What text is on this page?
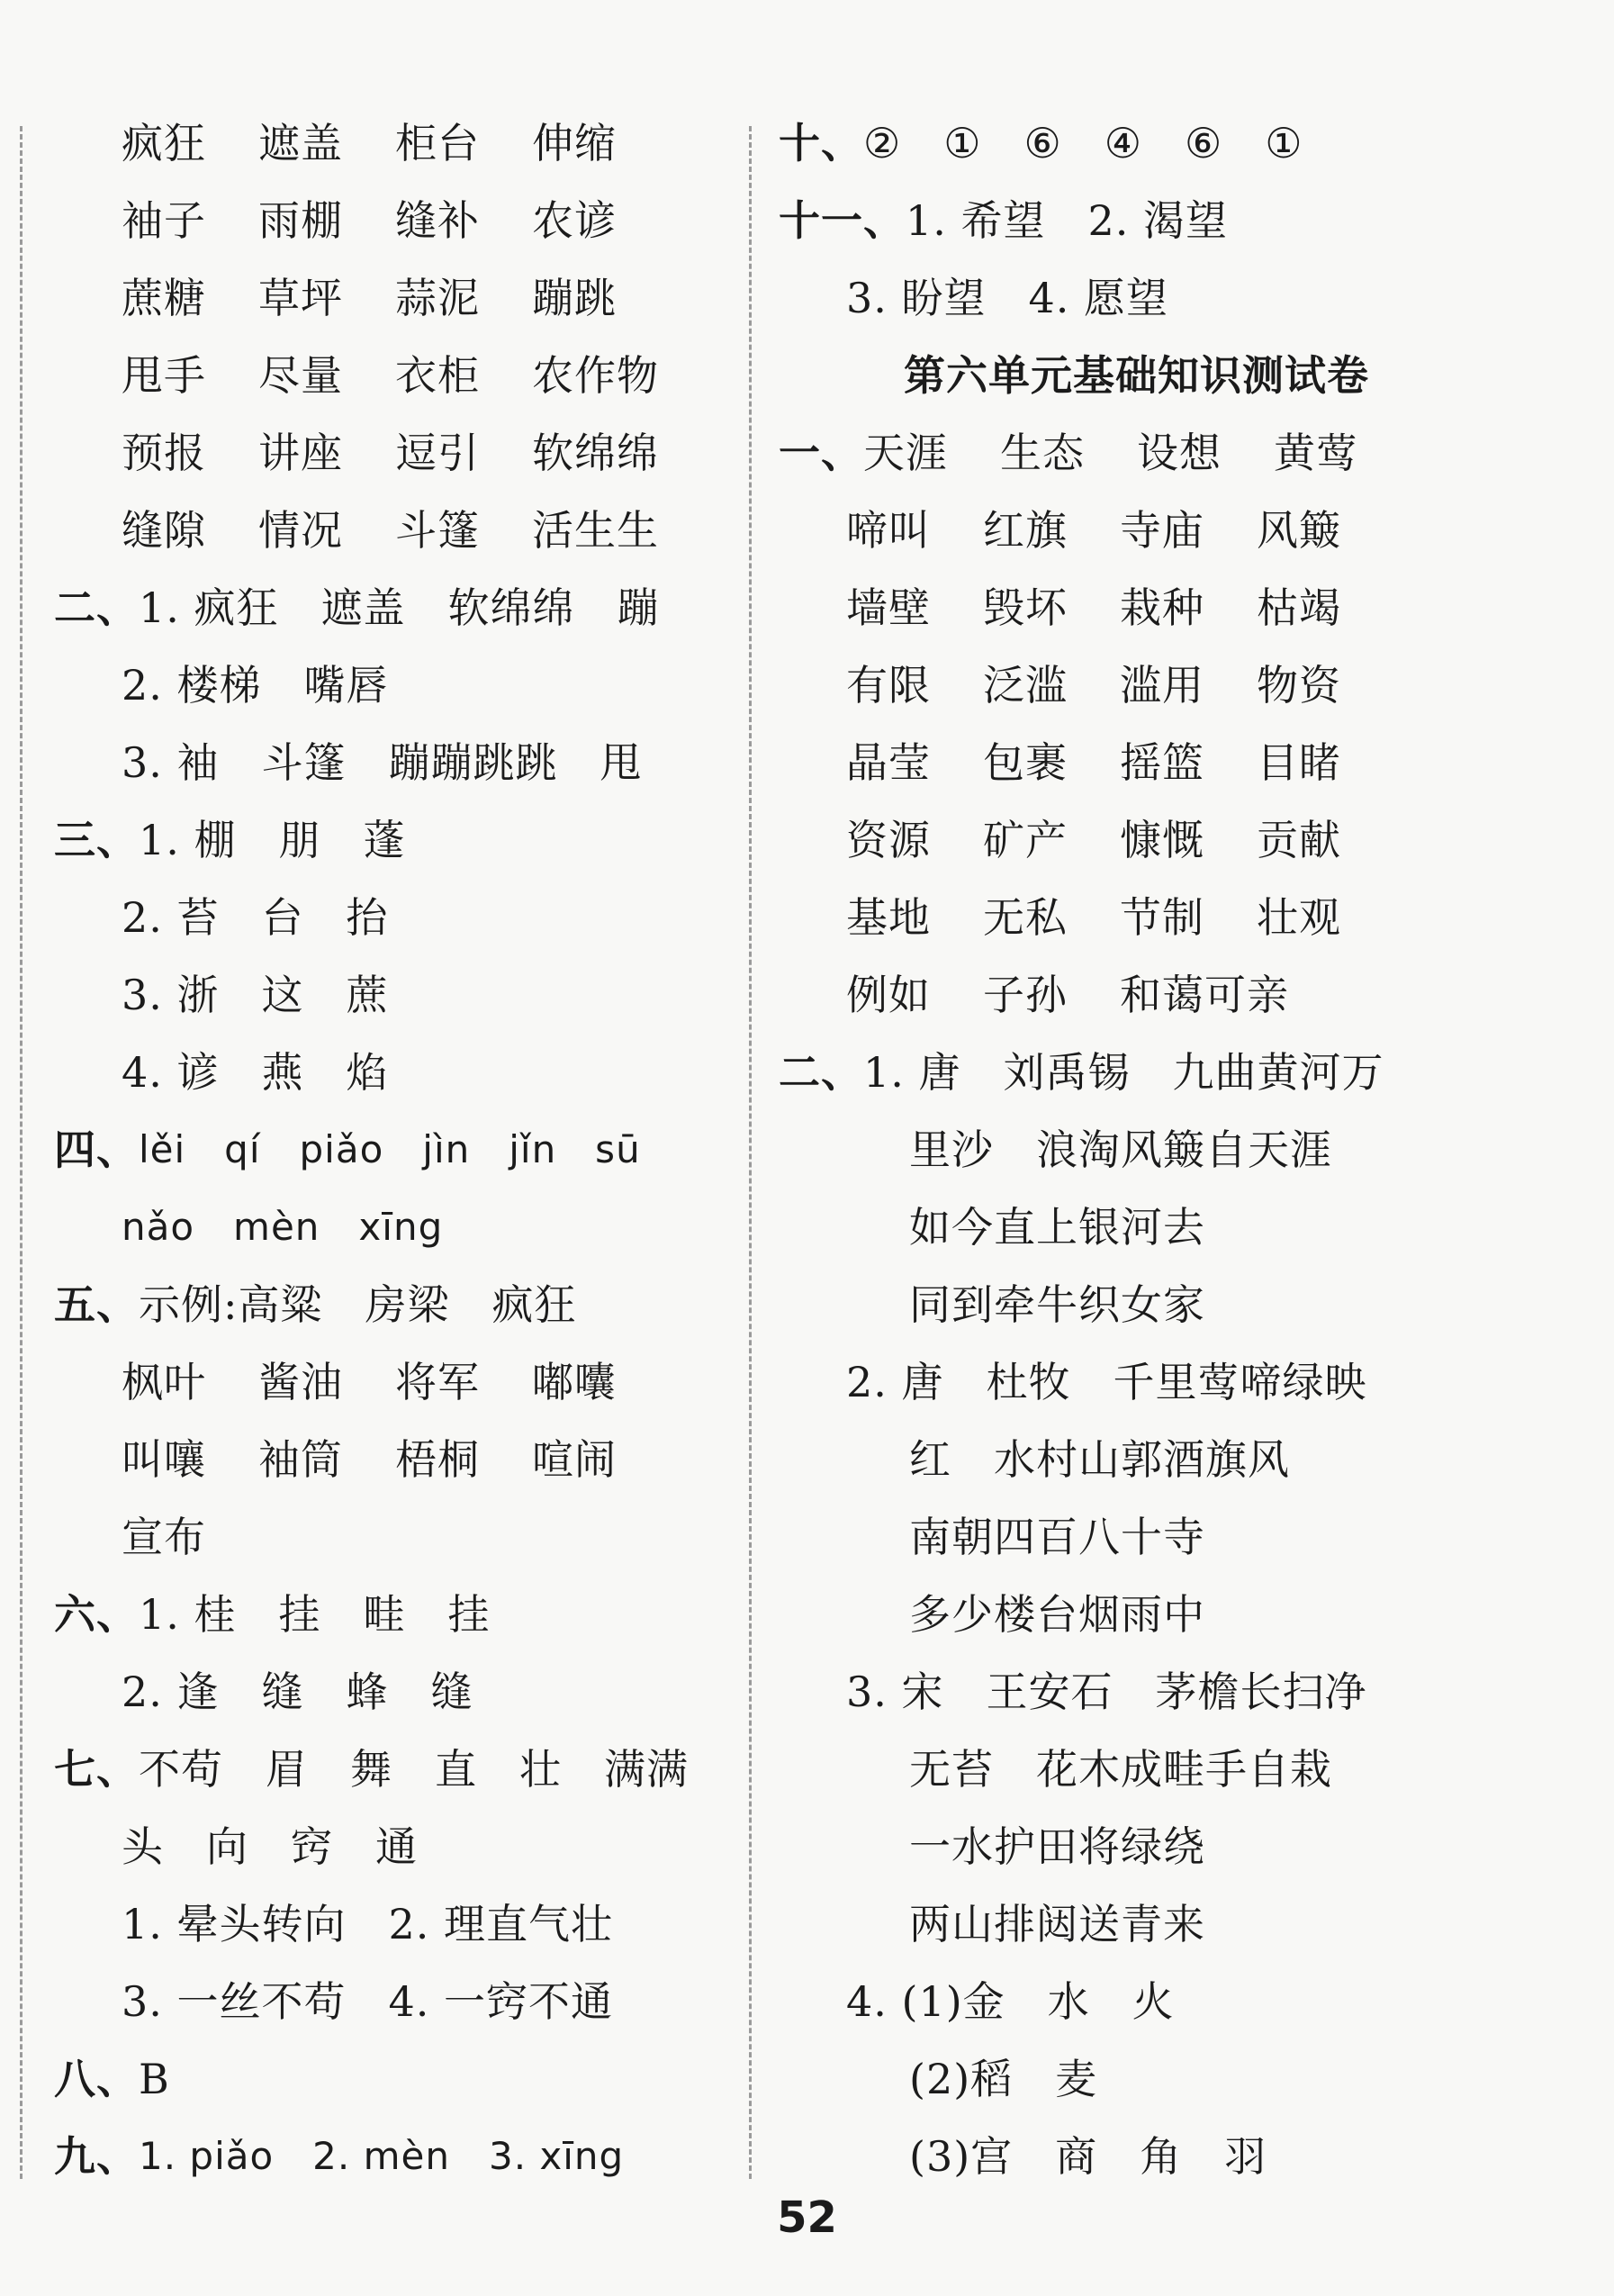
疯狂 遮盖 柜台 伸缩
袖子 雨棚 缝补 农谚
蔗糖 草坪 蒜泥 蹦跳
甩手 尽量 衣柜 农作物
预报 讲座 逗引 软绵绵
缝隙 情况 斗篷 活生生
二、1. 疯狂　遮盖　软绵绵　蹦
2. 楼梯　嘴唇
3. 袖　斗篷　蹦蹦跳跳　甩
三、1. 棚　朋　蓬
2. 苔　台　抬
3. 浙　这　蔗
4. 谚　燕　焰
四、lěi　qí　piǎo　jìn　jǐn　sū
nǎo　mèn　xīng
五、示例:高粱　房梁　疯狂
枫叶 酱油 将军 嘟囔
叫嚷 袖筒 梧桐 喧闹
宣布
六、1. 桂　挂　畦　挂
2. 逢　缝　蜂　缝
七、不苟　眉　舞　直　壮　满满
头　向　窍　通
1. 晕头转向　2. 理直气壮
3. 一丝不苟　4. 一窍不通
八、B
九、1. piǎo　2. mèn　3. xīng
十、②　①　⑥　④　⑥　①
十一、1. 希望　2. 渴望
3. 盼望　4. 愿望
第六单元基础知识测试卷
一、天涯 生态 设想 黄莺
啼叫 红旗 寺庙 风簸
墙壁 毁坏 栽种 枯竭
有限 泛滥 滥用 物资
晶莹 包裹 摇篮 目睹
资源 矿产 慷慨 贡献
基地 无私 节制 壮观
例如 子孙 和蔼可亲
二、1. 唐　刘禹锡　九曲黄河万
里沙　浪淘风簸自天涯
如今直上银河去
同到牵牛织女家
2. 唐　杜牧　千里莺啼绿映
红　水村山郭酒旗风
南朝四百八十寺
多少楼台烟雨中
3. 宋　王安石　茅檐长扫净
无苔　花木成畦手自栽
一水护田将绿绕
两山排闼送青来
4. (1)金　水　火
(2)稻　麦
(3)宫　商　角　羽
52
